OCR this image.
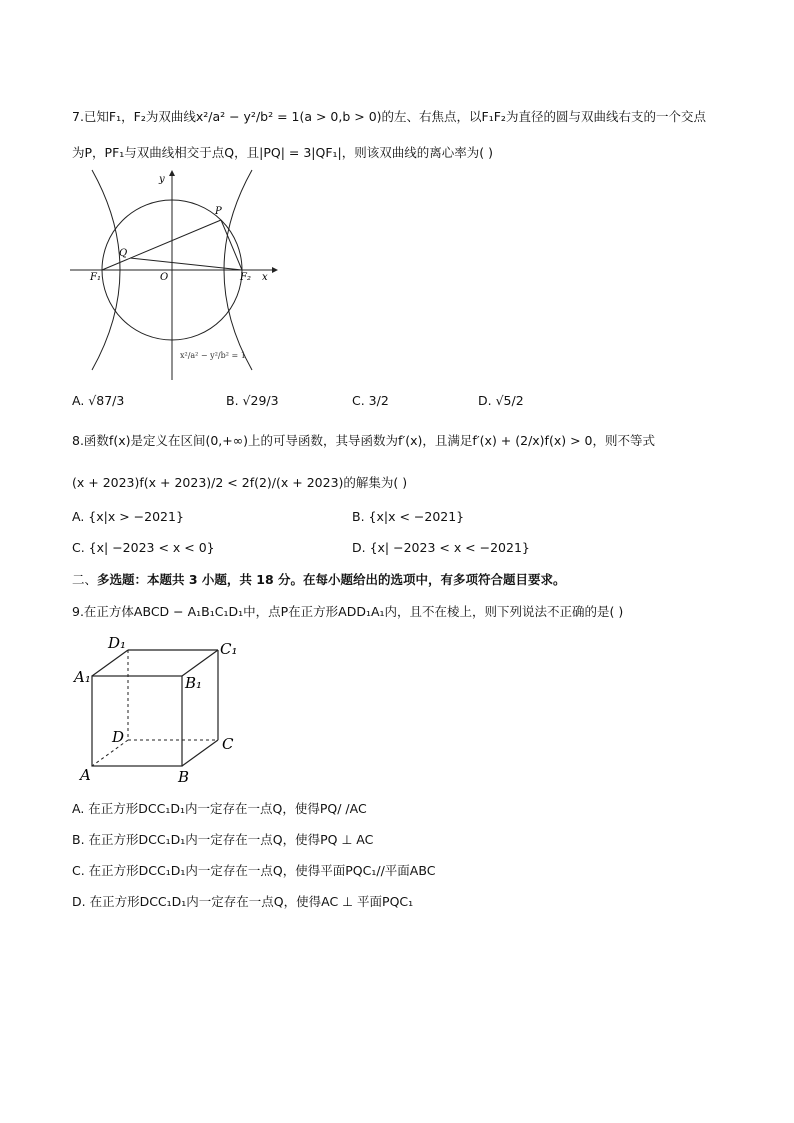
7.已知F₁，F₂为双曲线x²/a² − y²/b² = 1(a > 0,b > 0)的左、右焦点，以F₁F₂为直径的圆与双曲线右支的一个交点
为P，PF₁与双曲线相交于点Q，且|PQ| = 3|QF₁|，则该双曲线的离心率为( )
y
x
O
P
Q
F₁	F₂
x²/a² − y²/b² = 1
A. √87/3	B. √29/3	C. 3/2	D. √5/2
8.函数f(x)是定义在区间(0,+∞)上的可导函数，其导函数为f′(x)，且满足f′(x) + (2/x)f(x) > 0，则不等式
(x + 2023)f(x + 2023)/2 < 2f(2)/(x + 2023)的解集为( )
A. {x|x > −2021}	B. {x|x < −2021}
C. {x| −2023 < x < 0}	D. {x| −2023 < x < −2021}
二、多选题：本题共 3 小题，共 18 分。在每小题给出的选项中，有多项符合题目要求。
9.在正方体ABCD − A₁B₁C₁D₁中，点P在正方形ADD₁A₁内，且不在棱上，则下列说法不正确的是( )
D₁	C₁
A₁	B₁
D	C
A	B
A. 在正方形DCC₁D₁内一定存在一点Q，使得PQ/ /AC
B. 在正方形DCC₁D₁内一定存在一点Q，使得PQ ⊥ AC
C. 在正方形DCC₁D₁内一定存在一点Q，使得平面PQC₁//平面ABC
D. 在正方形DCC₁D₁内一定存在一点Q，使得AC ⊥ 平面PQC₁
